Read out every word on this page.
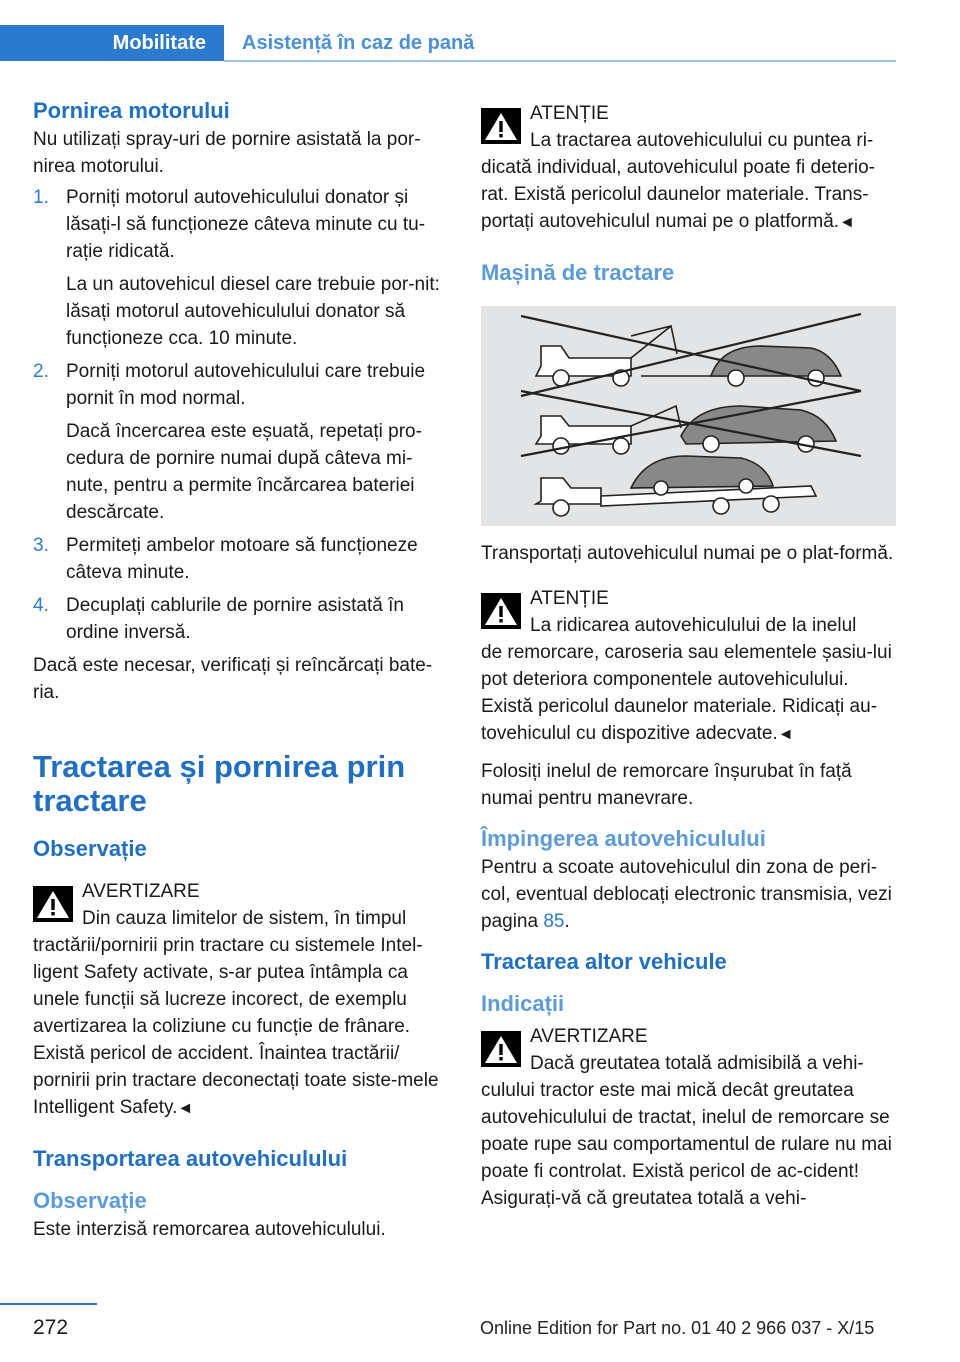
Mobilitate	Asistență în caz de pană
Pornirea motorului

Nu utilizați spray-uri de pornire asistată la por-nirea motorului.

1. Porniți motorul autovehiculului donator și lăsați-l să funcționeze câteva minute cu tu-rație ridicată.

La un autovehicul diesel care trebuie por-nit: lăsați motorul autovehiculului donator să funcționeze cca. 10 minute.

2. Porniți motorul autovehiculului care trebuie pornit în mod normal.

Dacă încercarea este eșuată, repetați pro-cedura de pornire numai după câteva mi-nute, pentru a permite încărcarea bateriei descărcate.

3. Permiteți ambelor motoare să funcționeze câteva minute.

4. Decuplați cablurile de pornire asistată în ordine inversă.

Dacă este necesar, verificați și reîncărcați bate-ria.

Tractarea și pornirea prin tractare
Observație

AVERTIZARE

Din cauza limitelor de sistem, în timpul

tractării/pornirii prin tractare cu sistemele Intel-ligent Safety activate, s-ar putea întâmpla ca unele funcții să lucreze incorect, de exemplu avertizarea la coliziune cu funcție de frânare. Există pericol de accident. Înaintea tractării/ pornirii prin tractare deconectați toate siste-mele Intelligent Safety.◄

Transportarea autovehiculului
Observație

Este interzisă remorcarea autovehiculului.

ATENȚIE

La tractarea autovehiculului cu puntea ri-

dicată individual, autovehiculul poate fi deterio-rat. Există pericolul daunelor materiale. Trans-portați autovehiculul numai pe o platformă.◄

Mașină de tractare

Transportați autovehiculul numai pe o plat-formă.

ATENȚIE

La ridicarea autovehiculului de la inelul

de remorcare, caroseria sau elementele șasiu-lui pot deteriora componentele autovehiculului. Există pericolul daunelor materiale. Ridicați au-tovehiculul cu dispozitive adecvate.◄

Folosiți inelul de remorcare înșurubat în față numai pentru manevrare.

Împingerea autovehiculului

Pentru a scoate autovehiculul din zona de peri-col, eventual deblocați electronic transmisia, vezi pagina 85.

Tractarea altor vehicule
Indicații

AVERTIZARE

Dacă greutatea totală admisibilă a vehi-

culului tractor este mai mică decât greutatea autovehiculului de tractat, inelul de remorcare se poate rupe sau comportamentul de rulare nu mai poate fi controlat. Există pericol de ac-cident! Asigurați-vă că greutatea totală a vehi-

272	Online Edition for Part no. 01 40 2 966 037 - X/15
